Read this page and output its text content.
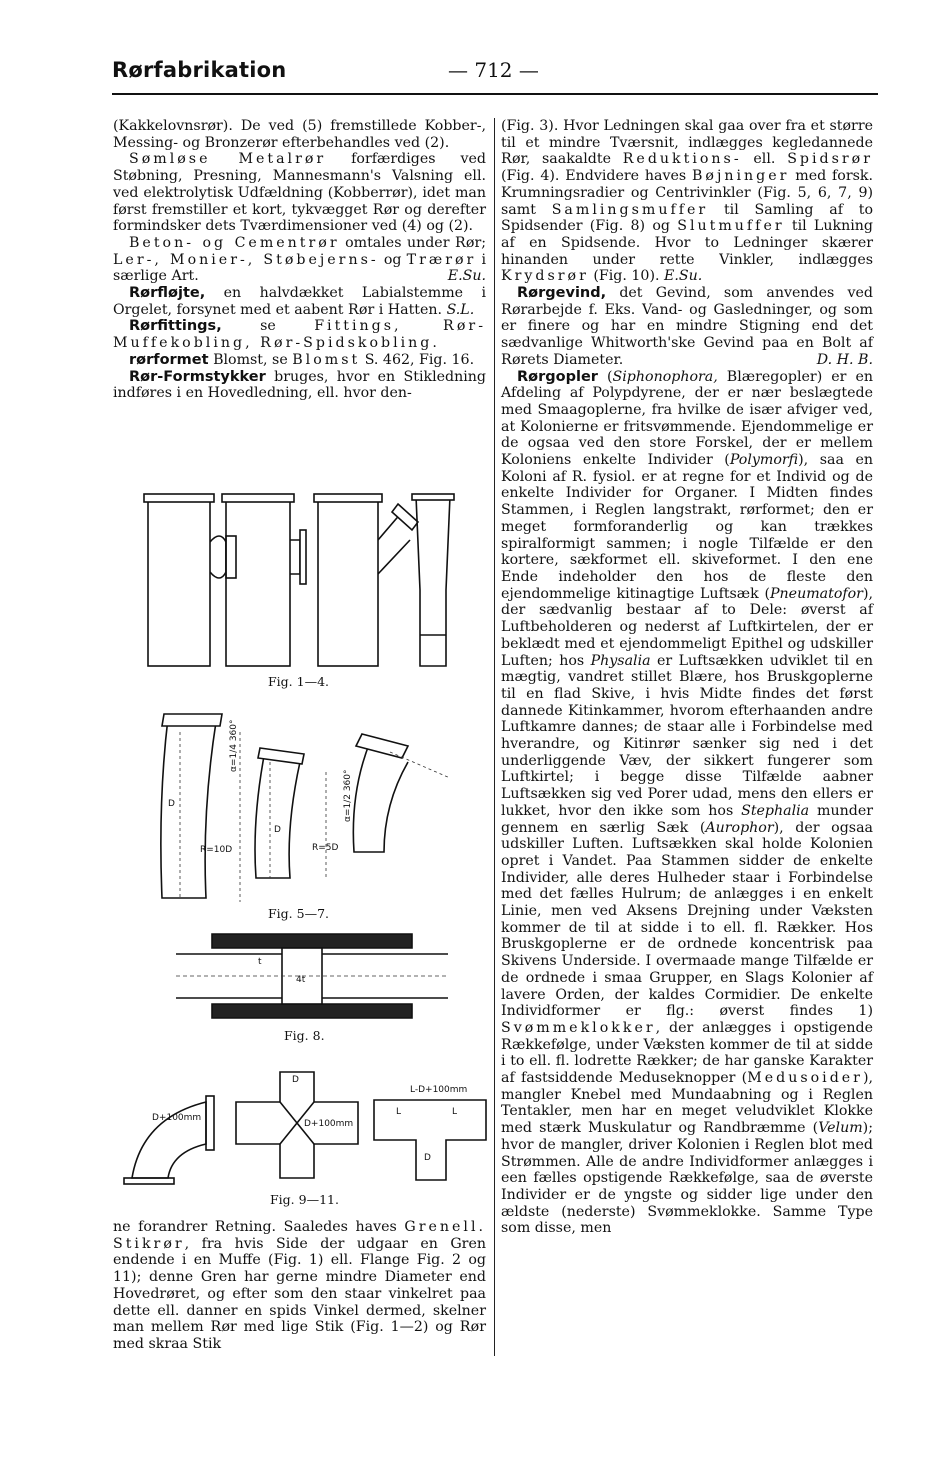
Rørfabrikation	— 712 —

(Kakkelovnsrør). De ved (5) fremstillede Kobber-, Messing- og Bronzerør efterbehandles ved (2).

Sømløse Metalrør forfærdiges ved Støbning, Presning, Mannesmann's Valsning ell. ved elektrolytisk Udfældning (Kobberrør), idet man først fremstiller et kort, tykvægget Rør og derefter formindsker dets Tværdimensioner ved (4) og (2).

Beton- og Cementrør omtales under Rør; Ler-, Monier-, Støbejerns- og Trærør i særlige Art.	E.Su.

Rørfløjte, en halvdækket Labialstemme i Orgelet, forsynet med et aabent Rør i Hatten. S.L.

Rørfittings, se Fittings, Rør-Muffekobling, Rør-Spidskobling.

rørformet Blomst, se Blomst S. 462, Fig. 16.

Rør-Formstykker bruges, hvor en Stikledning indføres i en Hovedledning, ell. hvor den-

Fig. 1—4.
D
R=10D
α=1/4 360°
D
R=5D
α=1/2 360°
Fig. 5—7.
t
4t
Fig. 8.
D+100mm
D
D+100mm
L-D+100mm
L	L
D
Fig. 9—11.

ne forandrer Retning. Saaledes haves Grenell. Stikrør, fra hvis Side der udgaar en Gren endende i en Muffe (Fig. 1) ell. Flange Fig. 2 og 11); denne Gren har gerne mindre Diameter end Hovedrøret, og efter som den staar vinkelret paa dette ell. danner en spids Vinkel dermed, skelner man mellem Rør med lige Stik (Fig. 1—2) og Rør med skraa Stik

(Fig. 3). Hvor Ledningen skal gaa over fra et større til et mindre Tværsnit, indlægges kegledannede Rør, saakaldte Reduktions- ell. Spidsrør (Fig. 4). Endvidere haves Bøjninger med forsk. Krumningsradier og Centrivinkler (Fig. 5, 6, 7, 9) samt Samlingsmuffer til Samling af to Spidsender (Fig. 8) og Slutmuffer til Lukning af en Spidsende. Hvor to Ledninger skærer hinanden under rette Vinkler, indlægges Krydsrør (Fig. 10). E.Su.

Rørgevind, det Gevind, som anvendes ved Rørarbejde f. Eks. Vand- og Gasledninger, og som er finere og har en mindre Stigning end det sædvanlige Whitworth'ske Gevind paa en Bolt af Rørets Diameter.	D. H. B.

Rørgopler (Siphonophora, Blæregopler) er en Afdeling af Polypdyrene, der er nær beslægtede med Smaagoplerne, fra hvilke de især afviger ved, at Kolonierne er fritsvømmende. Ejendommelige er de ogsaa ved den store Forskel, der er mellem Koloniens enkelte Individer (Polymorfi), saa en Koloni af R. fysiol. er at regne for et Individ og de enkelte Individer for Organer. I Midten findes Stammen, i Reglen langstrakt, rørformet; den er meget formforanderlig og kan trækkes spiralformigt sammen; i nogle Tilfælde er den kortere, sækformet ell. skiveformet. I den ene Ende indeholder den hos de fleste den ejendommelige kitinagtige Luftsæk (Pneumatofor), der sædvanlig bestaar af to Dele: øverst af Luftbeholderen og nederst af Luftkirtelen, der er beklædt med et ejendommeligt Epithel og udskiller Luften; hos Physalia er Luftsækken udviklet til en mægtig, vandret stillet Blære, hos Bruskgoplerne til en flad Skive, i hvis Midte findes det først dannede Kitinkammer, hvorom efterhaanden andre Luftkamre dannes; de staar alle i Forbindelse med hverandre, og Kitinrør sænker sig ned i det underliggende Væv, der sikkert fungerer som Luftkirtel; i begge disse Tilfælde aabner Luftsækken sig ved Porer udad, mens den ellers er lukket, hvor den ikke som hos Stephalia munder gennem en særlig Sæk (Aurophor), der ogsaa udskiller Luften. Luftsækken skal holde Kolonien opret i Vandet. Paa Stammen sidder de enkelte Individer, alle deres Hulheder staar i Forbindelse med det fælles Hulrum; de anlægges i en enkelt Linie, men ved Aksens Drejning under Væksten kommer de til at sidde i to ell. fl. Rækker. Hos Bruskgoplerne er de ordnede koncentrisk paa Skivens Underside. I overmaade mange Tilfælde er de ordnede i smaa Grupper, en Slags Kolonier af lavere Orden, der kaldes Cormidier. De enkelte Individformer er flg.: øverst findes 1) Svømmeklokker, der anlægges i opstigende Rækkefølge, under Væksten kommer de til at sidde i to ell. fl. lodrette Rækker; de har ganske Karakter af fastsiddende Meduseknopper (Medusoider), mangler Knebel med Mundaabning og i Reglen Tentakler, men har en meget veludviklet Klokke med stærk Muskulatur og Randbræmme (Velum); hvor de mangler, driver Kolonien i Reglen blot med Strømmen. Alle de andre Individformer anlægges i een fælles opstigende Rækkefølge, saa de øverste Individer er de yngste og sidder lige under den ældste (nederste) Svømmeklokke. Samme Type som disse, men
